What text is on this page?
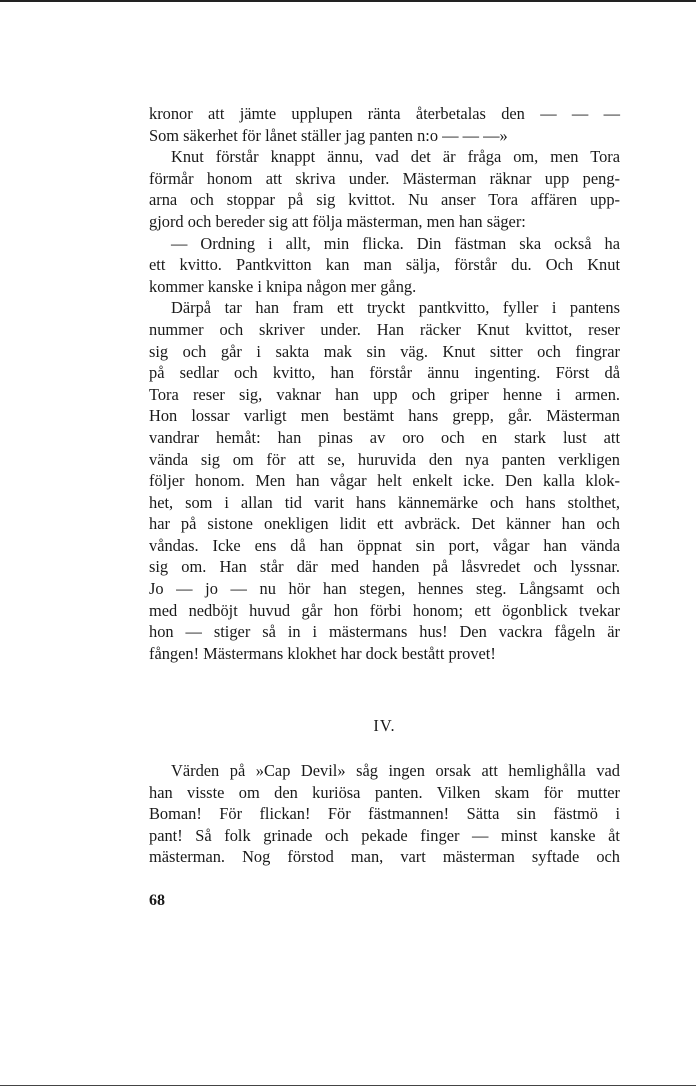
kronor att jämte upplupen ränta återbetalas den — — —
Som säkerhet för lånet ställer jag panten n:o — — —»
Knut förstår knappt ännu, vad det är fråga om, men Tora
förmår honom att skriva under. Mästerman räknar upp peng-
arna och stoppar på sig kvittot. Nu anser Tora affären upp-
gjord och bereder sig att följa mästerman, men han säger:
— Ordning i allt, min flicka. Din fästman ska också ha
ett kvitto. Pantkvitton kan man sälja, förstår du. Och Knut
kommer kanske i knipa någon mer gång.
Därpå tar han fram ett tryckt pantkvitto, fyller i pantens
nummer och skriver under. Han räcker Knut kvittot, reser
sig och går i sakta mak sin väg. Knut sitter och fingrar
på sedlar och kvitto, han förstår ännu ingenting. Först då
Tora reser sig, vaknar han upp och griper henne i armen.
Hon lossar varligt men bestämt hans grepp, går. Mästerman
vandrar hemåt: han pinas av oro och en stark lust att
vända sig om för att se, huruvida den nya panten verkligen
följer honom. Men han vågar helt enkelt icke. Den kalla klok-
het, som i allan tid varit hans kännemärke och hans stolthet,
har på sistone onekligen lidit ett avbräck. Det känner han och
våndas. Icke ens då han öppnat sin port, vågar han vända
sig om. Han står där med handen på låsvredet och lyssnar.
Jo — jo — nu hör han stegen, hennes steg. Långsamt och
med nedböjt huvud går hon förbi honom; ett ögonblick tvekar
hon — stiger så in i mästermans hus! Den vackra fågeln är
fången! Mästermans klokhet har dock bestått provet!
IV.
Värden på »Cap Devil» såg ingen orsak att hemlighålla vad
han visste om den kuriösa panten. Vilken skam för mutter
Boman! För flickan! För fästmannen! Sätta sin fästmö i
pant! Så folk grinade och pekade finger — minst kanske åt
mästerman. Nog förstod man, vart mästerman syftade och
68
